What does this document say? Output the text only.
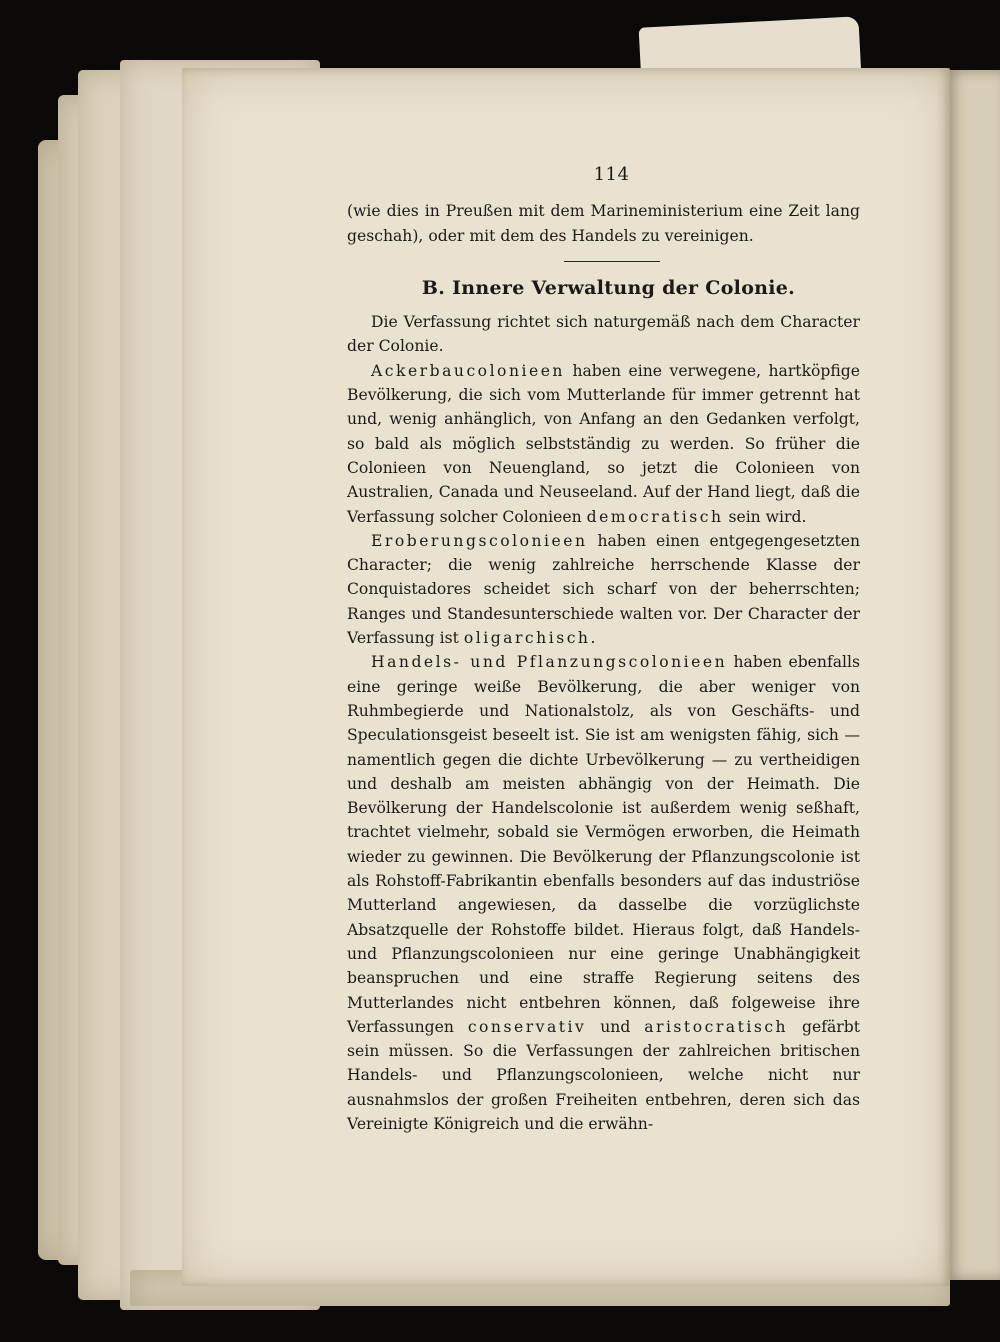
114

(wie dies in Preußen mit dem Marineministerium eine Zeit lang geschah), oder mit dem des Handels zu vereinigen.

B. Innere Verwaltung der Colonie.

Die Verfassung richtet sich naturgemäß nach dem Character der Colonie.

Ackerbaucolonieen haben eine verwegene, hartköpfige Bevölkerung, die sich vom Mutterlande für immer getrennt hat und, wenig anhänglich, von Anfang an den Gedanken verfolgt, so bald als möglich selbstständig zu werden. So früher die Colonieen von Neuengland, so jetzt die Colonieen von Australien, Canada und Neuseeland. Auf der Hand liegt, daß die Verfassung solcher Colonieen democratisch sein wird.

Eroberungscolonieen haben einen entgegengesetzten Character; die wenig zahlreiche herrschende Klasse der Conquistadores scheidet sich scharf von der beherrschten; Ranges und Standesunterschiede walten vor. Der Character der Verfassung ist oligarchisch.

Handels- und Pflanzungscolonieen haben ebenfalls eine geringe weiße Bevölkerung, die aber weniger von Ruhmbegierde und Nationalstolz, als von Geschäfts- und Speculationsgeist beseelt ist. Sie ist am wenigsten fähig, sich — namentlich gegen die dichte Urbevölkerung — zu vertheidigen und deshalb am meisten abhängig von der Heimath. Die Bevölkerung der Handelscolonie ist außerdem wenig seßhaft, trachtet vielmehr, sobald sie Vermögen erworben, die Heimath wieder zu gewinnen. Die Bevölkerung der Pflanzungscolonie ist als Rohstoff-Fabrikantin ebenfalls besonders auf das industriöse Mutterland angewiesen, da dasselbe die vorzüglichste Absatzquelle der Rohstoffe bildet. Hieraus folgt, daß Handels- und Pflanzungscolonieen nur eine geringe Unabhängigkeit beanspruchen und eine straffe Regierung seitens des Mutterlandes nicht entbehren können, daß folgeweise ihre Verfassungen conservativ und aristocratisch gefärbt sein müssen. So die Verfassungen der zahlreichen britischen Handels- und Pflanzungscolonieen, welche nicht nur ausnahmslos der großen Freiheiten entbehren, deren sich das Vereinigte Königreich und die erwähn-
